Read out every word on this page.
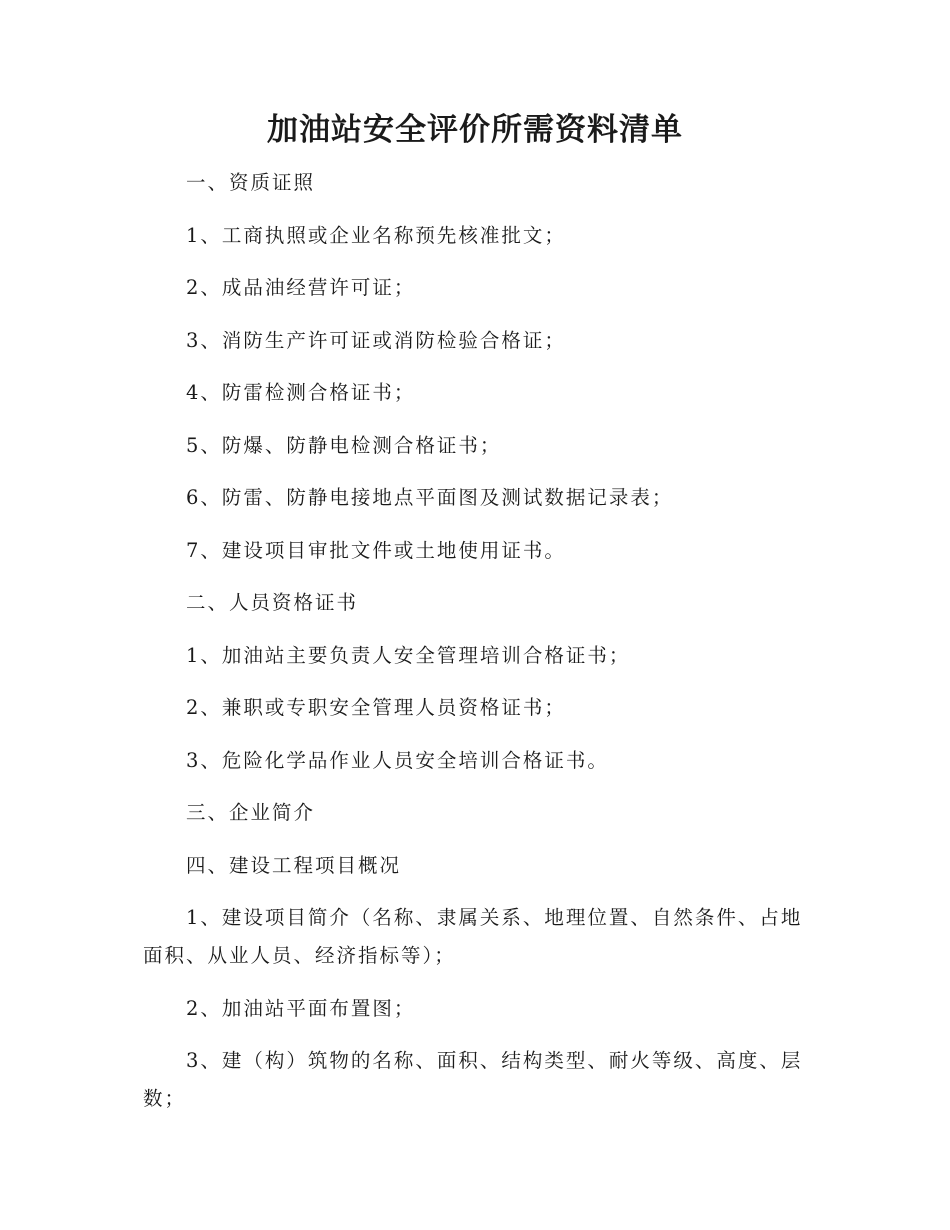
加油站安全评价所需资料清单

一、资质证照

1、工商执照或企业名称预先核准批文；

2、成品油经营许可证；

3、消防生产许可证或消防检验合格证；

4、防雷检测合格证书；

5、防爆、防静电检测合格证书；

6、防雷、防静电接地点平面图及测试数据记录表；

7、建设项目审批文件或土地使用证书。

二、人员资格证书

1、加油站主要负责人安全管理培训合格证书；

2、兼职或专职安全管理人员资格证书；

3、危险化学品作业人员安全培训合格证书。

三、企业简介

四、建设工程项目概况

1、建设项目简介（名称、隶属关系、地理位置、自然条件、占地面积、从业人员、经济指标等）；

2、加油站平面布置图；

3、建（构）筑物的名称、面积、结构类型、耐火等级、高度、层数；
